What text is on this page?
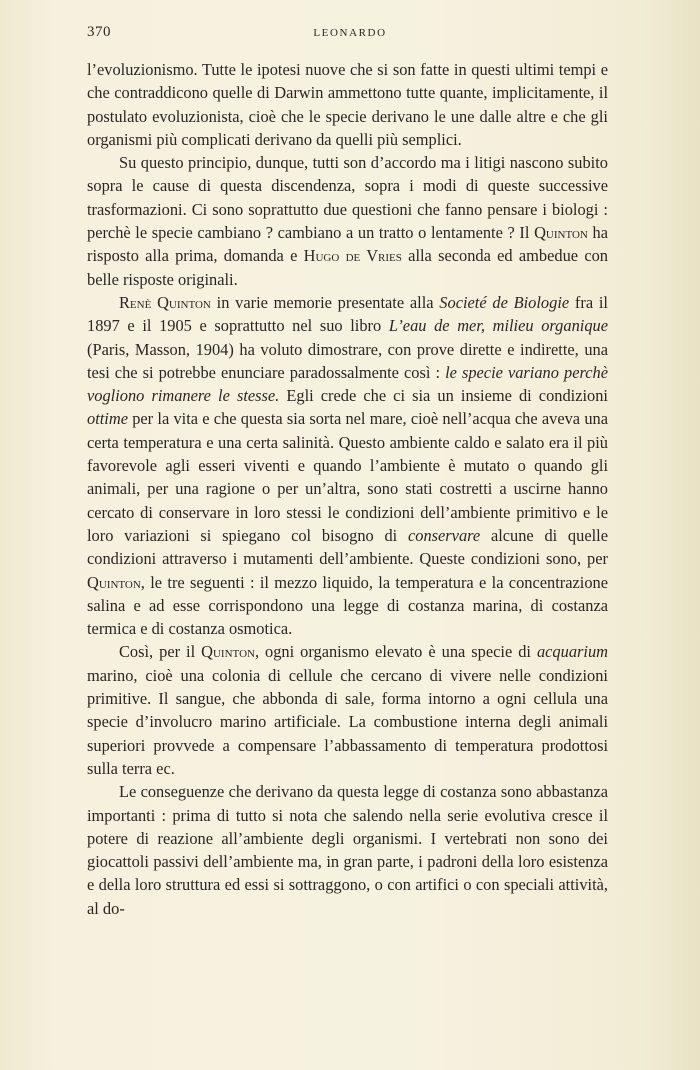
370	LEONARDO

l’evoluzionismo. Tutte le ipotesi nuove che si son fatte in questi ultimi tempi e che contraddicono quelle di Darwin ammettono tutte quante, implicitamente, il postulato evoluzionista, cioè che le specie derivano le une dalle altre e che gli organismi più complicati derivano da quelli più semplici.

Su questo principio, dunque, tutti son d’accordo ma i litigi nascono subito sopra le cause di questa discendenza, sopra i modi di queste successive trasformazioni. Ci sono soprattutto due questioni che fanno pensare i biologi : perchè le specie cambiano ? cambiano a un tratto o lentamente ? Il Quinton ha risposto alla prima, domanda e Hugo de Vries alla seconda ed ambedue con belle risposte originali.

Renè Quinton in varie memorie presentate alla Societé de Biologie fra il 1897 e il 1905 e soprattutto nel suo libro L’eau de mer, milieu organique (Paris, Masson, 1904) ha voluto dimostrare, con prove dirette e indirette, una tesi che si potrebbe enunciare paradossalmente così : le specie variano perchè vogliono rimanere le stesse. Egli crede che ci sia un insieme di condizioni ottime per la vita e che questa sia sorta nel mare, cioè nell’acqua che aveva una certa temperatura e una certa salinità. Questo ambiente caldo e salato era il più favorevole agli esseri viventi e quando l’ambiente è mutato o quando gli animali, per una ragione o per un’altra, sono stati costretti a uscirne hanno cercato di conservare in loro stessi le condizioni dell’ambiente primitivo e le loro variazioni si spiegano col bisogno di conservare alcune di quelle condizioni attraverso i mutamenti dell’ambiente. Queste condizioni sono, per Quinton, le tre seguenti : il mezzo liquido, la temperatura e la concentrazione salina e ad esse corrispondono una legge di costanza marina, di costanza termica e di costanza osmotica.

Così, per il Quinton, ogni organismo elevato è una specie di acquarium marino, cioè una colonia di cellule che cercano di vivere nelle condizioni primitive. Il sangue, che abbonda di sale, forma intorno a ogni cellula una specie d’involucro marino artificiale. La combustione interna degli animali superiori provvede a compensare l’abbassamento di temperatura prodottosi sulla terra ec.

Le conseguenze che derivano da questa legge di costanza sono abbastanza importanti : prima di tutto si nota che salendo nella serie evolutiva cresce il potere di reazione all’ambiente degli organismi. I vertebrati non sono dei giocattoli passivi dell’ambiente ma, in gran parte, i padroni della loro esistenza e della loro struttura ed essi si sottraggono, o con artifici o con speciali attività, al do-
